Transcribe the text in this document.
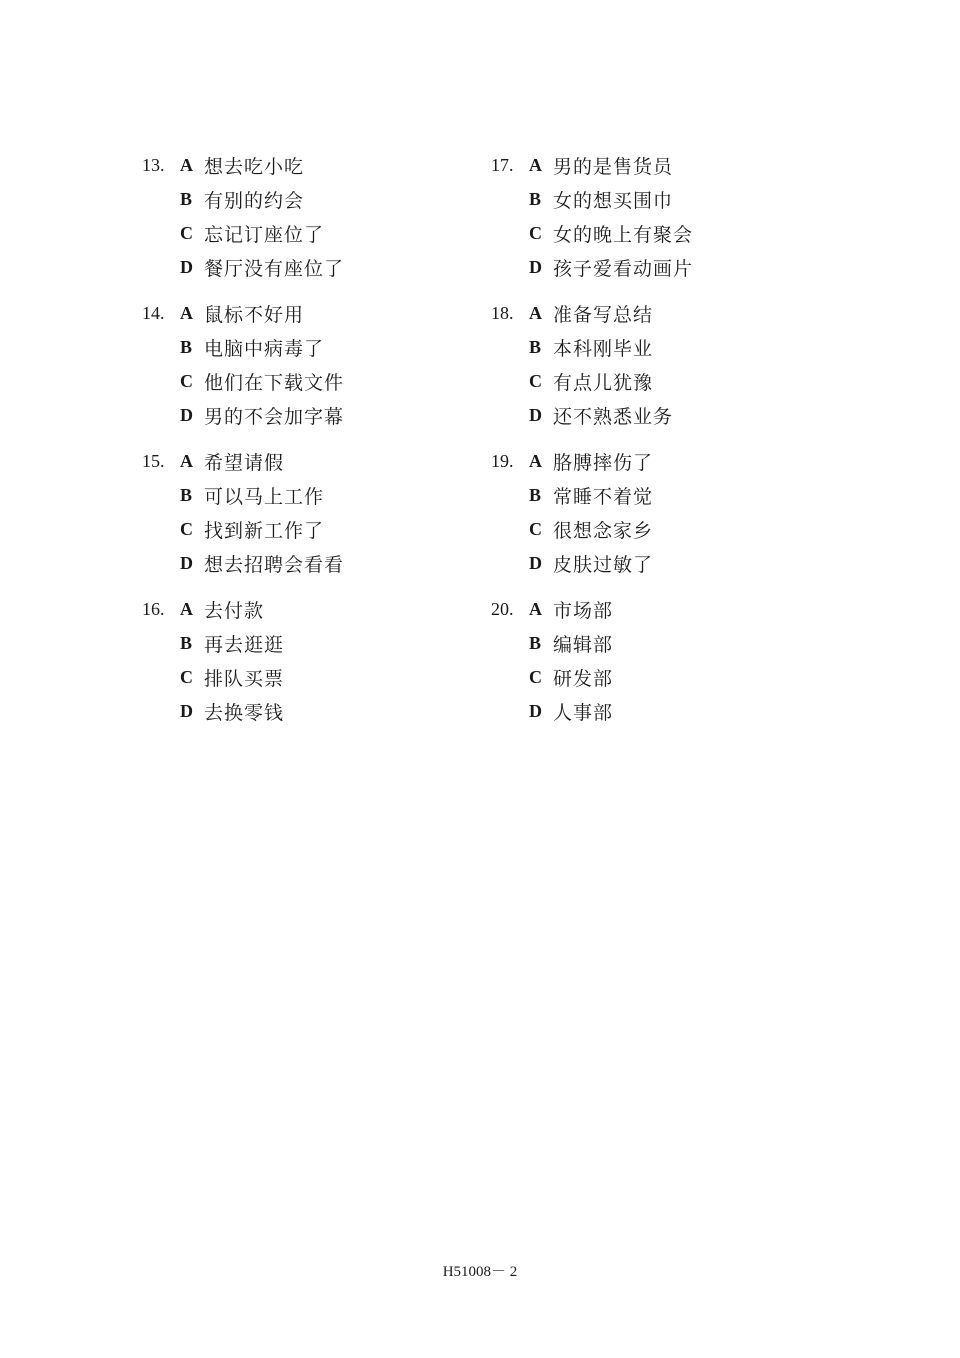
13. A 想去吃小吃
B 有别的约会
C 忘记订座位了
D 餐厅没有座位了
14. A 鼠标不好用
B 电脑中病毒了
C 他们在下载文件
D 男的不会加字幕
15. A 希望请假
B 可以马上工作
C 找到新工作了
D 想去招聘会看看
16. A 去付款
B 再去逛逛
C 排队买票
D 去换零钱
17. A 男的是售货员
B 女的想买围巾
C 女的晚上有聚会
D 孩子爱看动画片
18. A 准备写总结
B 本科刚毕业
C 有点儿犹豫
D 还不熟悉业务
19. A 胳膊摔伤了
B 常睡不着觉
C 很想念家乡
D 皮肤过敏了
20. A 市场部
B 编辑部
C 研发部
D 人事部
H51008－ 2
